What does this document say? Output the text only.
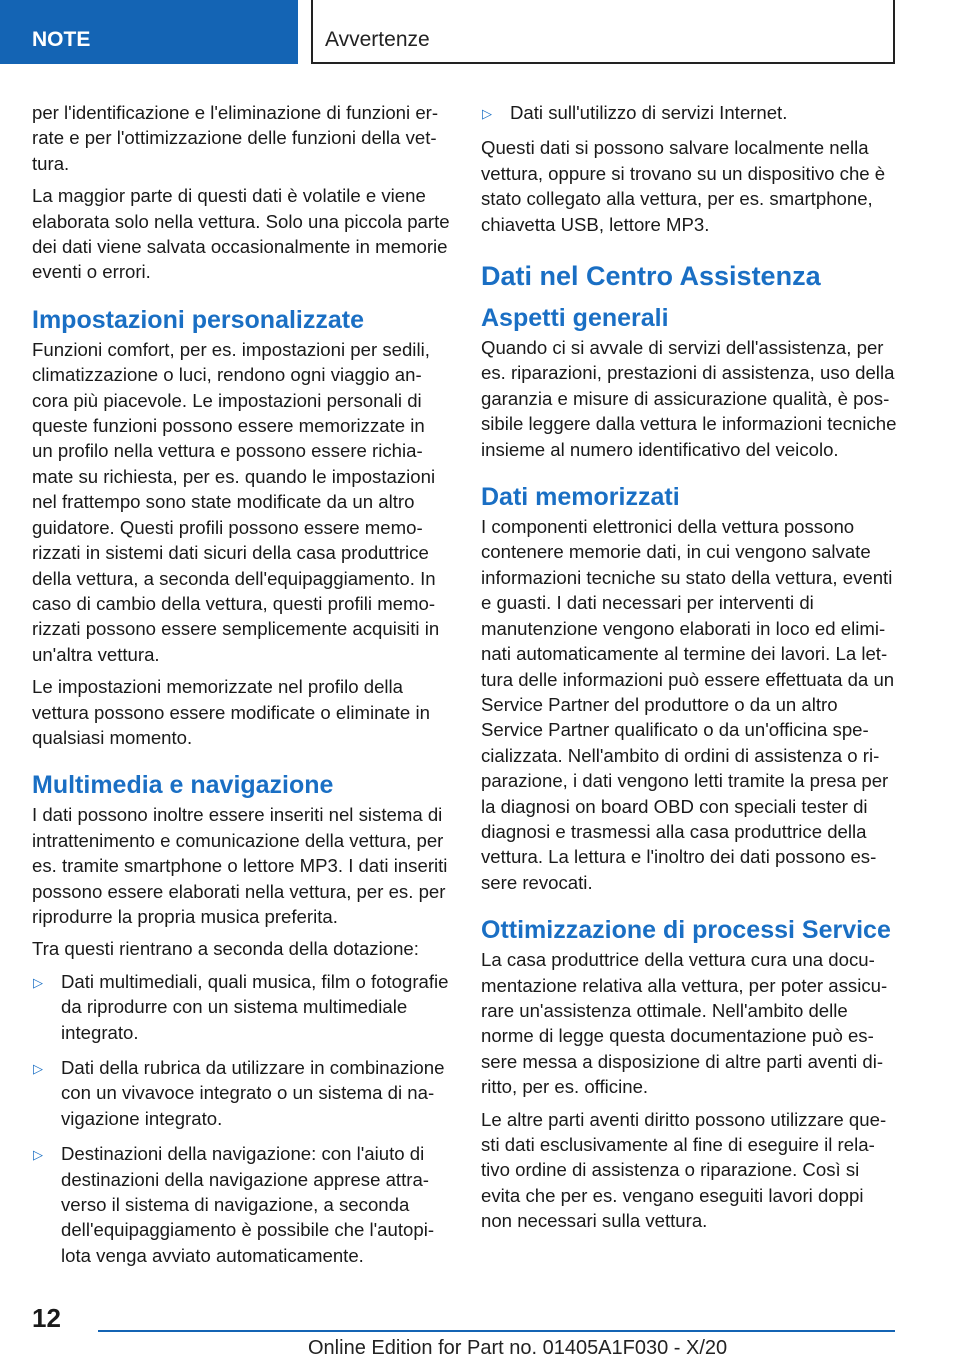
NOTE	Avvertenze

per l'identificazione e l'eliminazione di funzioni errate e per l'ottimizzazione delle funzioni della vettura.

La maggior parte di questi dati è volatile e viene elaborata solo nella vettura. Solo una piccola parte dei dati viene salvata occasionalmente in memorie eventi o errori.

Impostazioni personalizzate

Funzioni comfort, per es. impostazioni per sedili, climatizzazione o luci, rendono ogni viaggio ancora più piacevole. Le impostazioni personali di queste funzioni possono essere memorizzate in un profilo nella vettura e possono essere richiamate su richiesta, per es. quando le impostazioni nel frattempo sono state modificate da un altro guidatore. Questi profili possono essere memorizzati in sistemi dati sicuri della casa produttrice della vettura, a seconda dell'equipaggiamento. In caso di cambio della vettura, questi profili memorizzati possono essere semplicemente acquisiti in un'altra vettura.

Le impostazioni memorizzate nel profilo della vettura possono essere modificate o eliminate in qualsiasi momento.

Multimedia e navigazione

I dati possono inoltre essere inseriti nel sistema di intrattenimento e comunicazione della vettura, per es. tramite smartphone o lettore MP3. I dati inseriti possono essere elaborati nella vettura, per es. per riprodurre la propria musica preferita.

Tra questi rientrano a seconda della dotazione:

▷ Dati multimediali, quali musica, film o fotografie da riprodurre con un sistema multimediale integrato.
▷ Dati della rubrica da utilizzare in combinazione con un vivavoce integrato o un sistema di navigazione integrato.
▷ Destinazioni della navigazione: con l'aiuto di destinazioni della navigazione apprese attraverso il sistema di navigazione, a seconda dell'equipaggiamento è possibile che l'autopilota venga avviato automaticamente.
▷ Dati sull'utilizzo di servizi Internet.

Questi dati si possono salvare localmente nella vettura, oppure si trovano su un dispositivo che è stato collegato alla vettura, per es. smartphone, chiavetta USB, lettore MP3.

Dati nel Centro Assistenza
Aspetti generali

Quando ci si avvale di servizi dell'assistenza, per es. riparazioni, prestazioni di assistenza, uso della garanzia e misure di assicurazione qualità, è possibile leggere dalla vettura le informazioni tecniche insieme al numero identificativo del veicolo.

Dati memorizzati

I componenti elettronici della vettura possono contenere memorie dati, in cui vengono salvate informazioni tecniche su stato della vettura, eventi e guasti. I dati necessari per interventi di manutenzione vengono elaborati in loco ed eliminati automaticamente al termine dei lavori. La lettura delle informazioni può essere effettuata da un Service Partner del produttore o da un altro Service Partner qualificato o da un'officina specializzata. Nell'ambito di ordini di assistenza o riparazione, i dati vengono letti tramite la presa per la diagnosi on board OBD con speciali tester di diagnosi e trasmessi alla casa produttrice della vettura. La lettura e l'inoltro dei dati possono essere revocati.

Ottimizzazione di processi Service

La casa produttrice della vettura cura una documentazione relativa alla vettura, per poter assicurare un'assistenza ottimale. Nell'ambito delle norme di legge questa documentazione può essere messa a disposizione di altre parti aventi diritto, per es. officine.

Le altre parti aventi diritto possono utilizzare questi dati esclusivamente al fine di eseguire il relativo ordine di assistenza o riparazione. Così si evita che per es. vengano eseguiti lavori doppi non necessari sulla vettura.

12
Online Edition for Part no. 01405A1F030 - X/20
